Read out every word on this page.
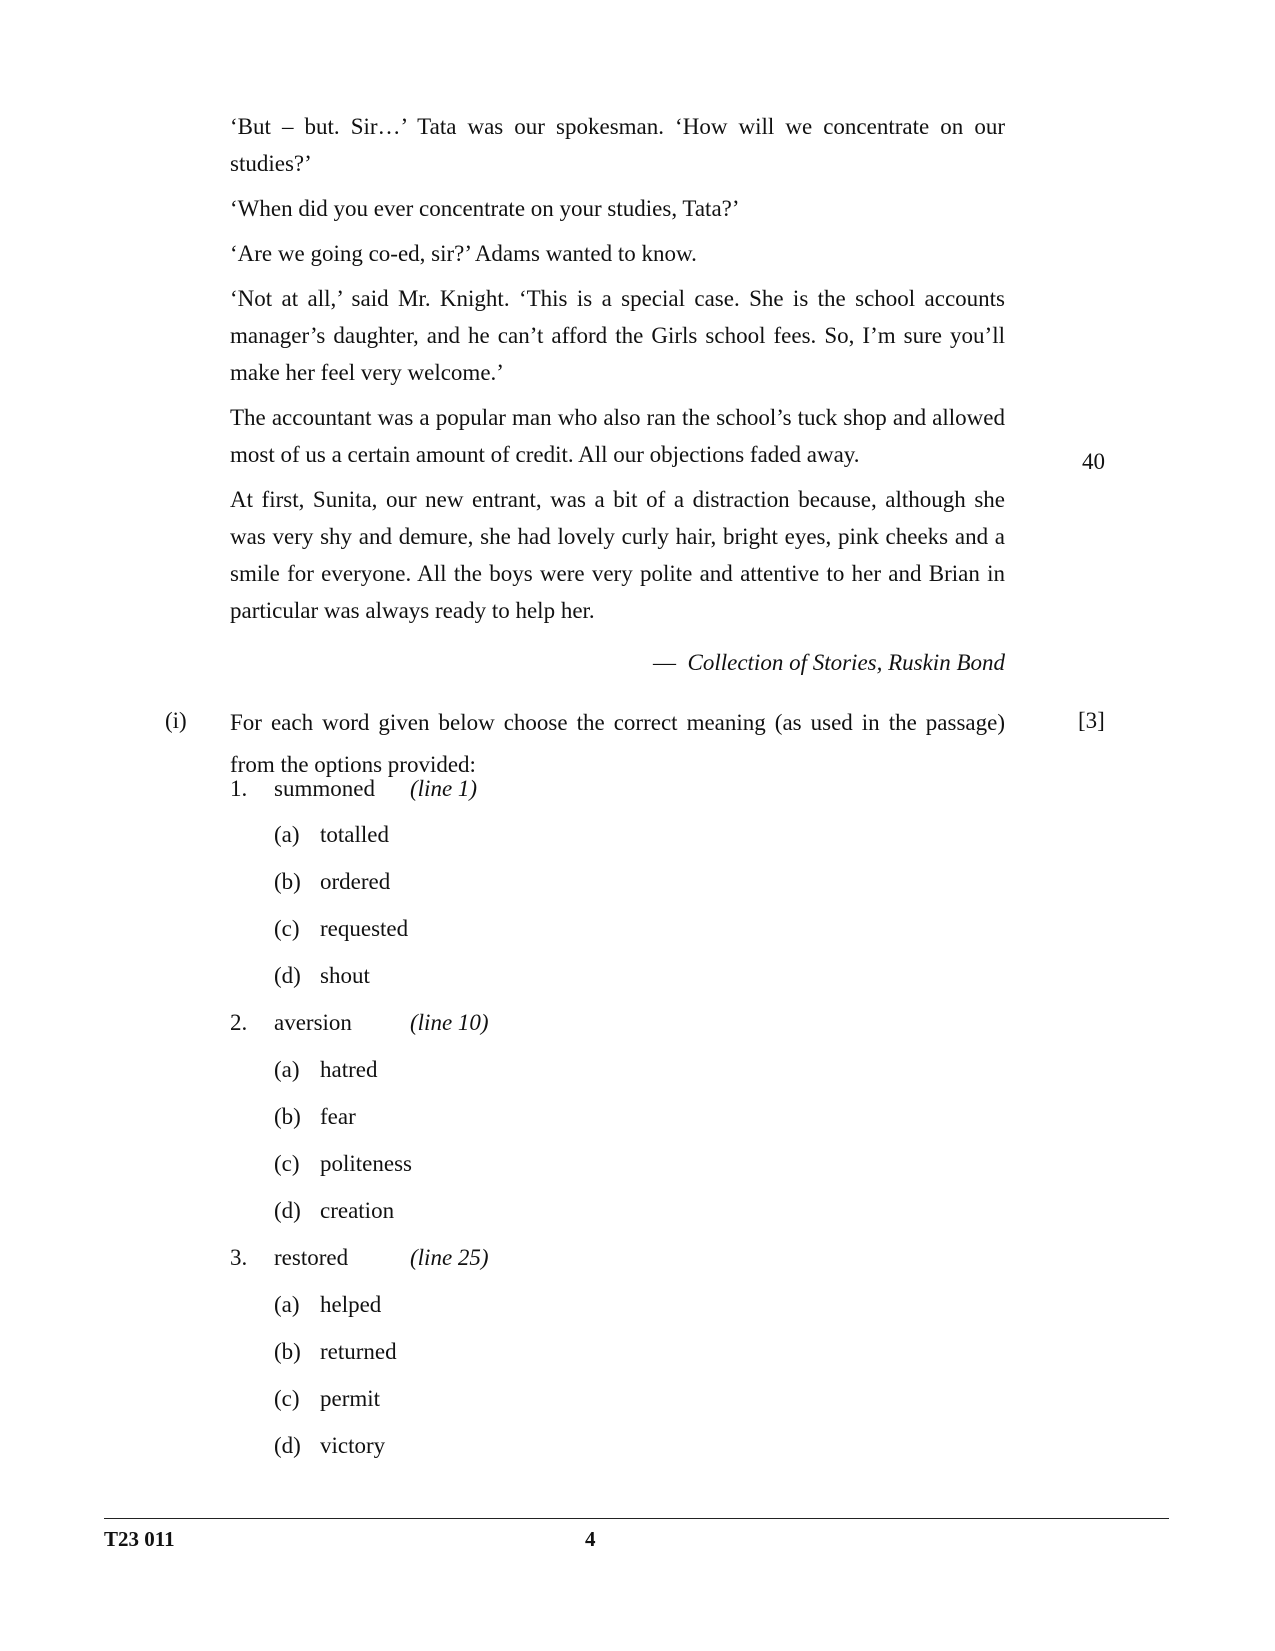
‘But – but. Sir…’ Tata was our spokesman. ‘How will we concentrate on our studies?’

‘When did you ever concentrate on your studies, Tata?’

‘Are we going co-ed, sir?’ Adams wanted to know.

‘Not at all,’ said Mr. Knight. ‘This is a special case. She is the school accounts manager’s daughter, and he can’t afford the Girls school fees. So, I’m sure you’ll make her feel very welcome.’

The accountant was a popular man who also ran the school’s tuck shop and allowed most of us a certain amount of credit. All our objections faded away.

At first, Sunita, our new entrant, was a bit of a distraction because, although she was very shy and demure, she had lovely curly hair, bright eyes, pink cheeks and a smile for everyone. All the boys were very polite and attentive to her and Brian in particular was always ready to help her.

40
— Collection of Stories, Ruskin Bond
(i) For each word given below choose the correct meaning (as used in the passage) from the options provided:
[3]
1. summoned (line 1)
(a) totalled
(b) ordered
(c) requested
(d) shout
2. aversion	(line 10)
(a) hatred
(b) fear
(c) politeness
(d) creation
3. restored	(line 25)
(a) helped
(b) returned
(c) permit
(d) victory
T23 011	4
